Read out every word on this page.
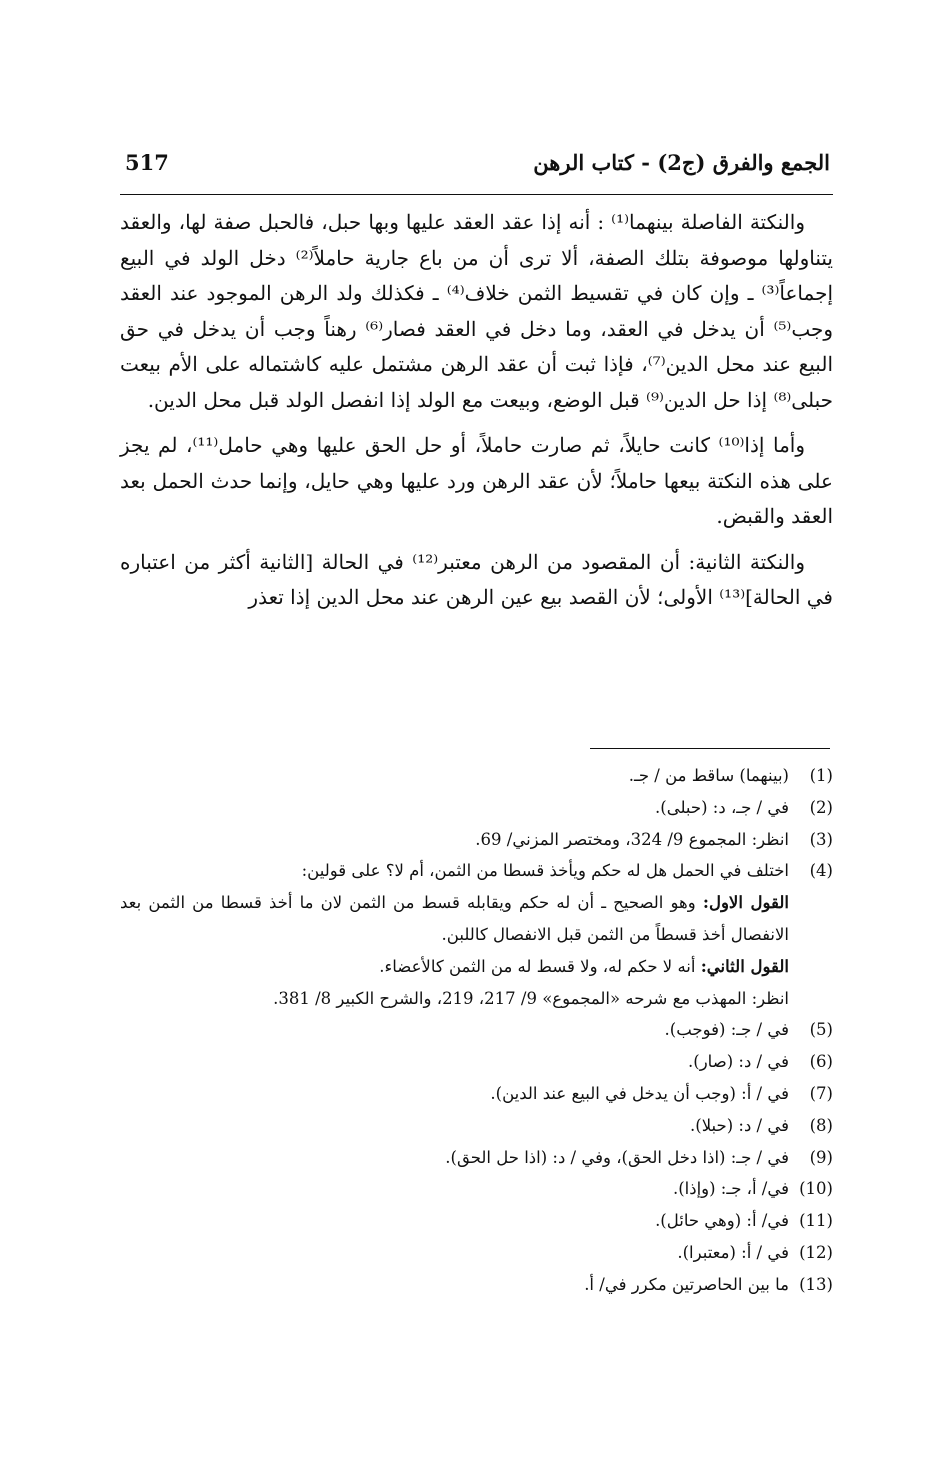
517	الجمع والفرق (ج2) - كتاب الرهن

والنكتة الفاصلة بينهما⁽¹⁾ : أنه إذا عقد العقد عليها وبها حبل، فالحبل صفة لها، والعقد يتناولها موصوفة بتلك الصفة، ألا ترى أن من باع جارية حاملاً⁽²⁾ دخل الولد في البيع إجماعاً⁽³⁾ ـ وإن كان في تقسيط الثمن خلاف⁽⁴⁾ ـ فكذلك ولد الرهن الموجود عند العقد وجب⁽⁵⁾ أن يدخل في العقد، وما دخل في العقد فصار⁽⁶⁾ رهناً وجب أن يدخل في حق البيع عند محل الدين⁽⁷⁾، فإذا ثبت أن عقد الرهن مشتمل عليه كاشتماله على الأم بيعت حبلى⁽⁸⁾ إذا حل الدين⁽⁹⁾ قبل الوضع، وبيعت مع الولد إذا انفصل الولد قبل محل الدين.

وأما إذا⁽¹⁰⁾ كانت حايلاً، ثم صارت حاملاً، أو حل الحق عليها وهي حامل⁽¹¹⁾، لم يجز على هذه النكتة بيعها حاملاً؛ لأن عقد الرهن ورد عليها وهي حايل، وإنما حدث الحمل بعد العقد والقبض.

والنكتة الثانية: أن المقصود من الرهن معتبر⁽¹²⁾ في الحالة [الثانية أكثر من اعتباره في الحالة]⁽¹³⁾ الأولى؛ لأن القصد بيع عين الرهن عند محل الدين إذا تعذر

(1)
(بينهما) ساقط من / جـ.
(2)
في / جـ، د: (حبلى).
(3)
انظر: المجموع 9/ 324، ومختصر المزني/ 69.
(4)
اختلف في الحمل هل له حكم ويأخذ قسطا من الثمن، أم لا؟ على قولين:
القول الاول: وهو الصحيح ـ أن له حكم ويقابله قسط من الثمن لان ما أخذ قسطا من الثمن بعد الانفصال أخذ قسطاً من الثمن قبل الانفصال كاللبن.
القول الثاني: أنه لا حكم له، ولا قسط له من الثمن كالأعضاء.
انظر: المهذب مع شرحه «المجموع» 9/ 217، 219، والشرح الكبير 8/ 381.
(5)
في / جـ: (فوجب).
(6)
في / د: (صار).
(7)
في / أ: (وجب أن يدخل في البيع عند الدين).
(8)
في / د: (حبلا).
(9)
في / جـ: (اذا دخل الحق)، وفي / د: (اذا حل الحق).
(10)
في/ أ، جـ: (وإذا).
(11)
في/ أ: (وهي حائل).
(12)
في / أ: (معتبرا).
(13)
ما بين الحاصرتين مكرر في/ أ.
